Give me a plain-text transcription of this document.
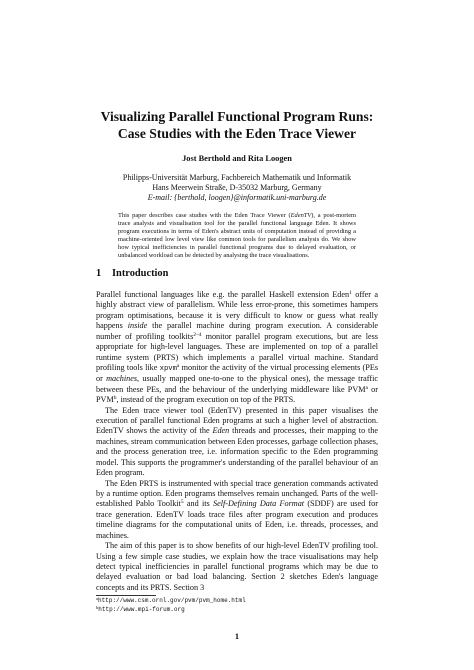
Visualizing Parallel Functional Program Runs:
Case Studies with the Eden Trace Viewer
Jost Berthold and Rita Loogen
Philipps-Universität Marburg, Fachbereich Mathematik und Informatik
Hans Meerwein Straße, D-35032 Marburg, Germany
E-mail: {berthold, loogen}@informatik.uni-marburg.de
This paper describes case studies with the Eden Trace Viewer (EdenTV), a post-mortem trace analysis and visualisation tool for the parallel functional language Eden. It shows program executions in terms of Eden's abstract units of computation instead of providing a machine-oriented low level view like common tools for parallelism analysis do. We show how typical inefficiencies in parallel functional programs due to delayed evaluation, or unbalanced workload can be detected by analysing the trace visualisations.
1 Introduction

Parallel functional languages like e.g. the parallel Haskell extension Eden$^1$ offer a highly abstract view of parallelism. While less error-prone, this sometimes hampers program optimisations, because it is very difficult to know or guess what really happens inside the parallel machine during program execution. A considerable number of profiling toolkits$^{2-4}$ monitor parallel program executions, but are less appropriate for high-level languages. These are implemented on top of a parallel runtime system (PRTS) which implements a parallel virtual machine. Standard profiling tools like xpvm$^a$ monitor the activity of the virtual processing elements (PEs or machines, usually mapped one-to-one to the physical ones), the message traffic between these PEs, and the behaviour of the underlying middleware like PVM$^a$ or PVM$^b$, instead of the program execution on top of the PRTS.

The Eden trace viewer tool (EdenTV) presented in this paper visualises the execution of parallel functional Eden programs at such a higher level of abstraction. EdenTV shows the activity of the Eden threads and processes, their mapping to the machines, stream communication between Eden processes, garbage collection phases, and the process generation tree, i.e. information specific to the Eden programming model. This supports the programmer's understanding of the parallel behaviour of an Eden program.

The Eden PRTS is instrumented with special trace generation commands activated by a runtime option. Eden programs themselves remain unchanged. Parts of the well-established Pablo Toolkit$^5$ and its Self-Defining Data Format (SDDF) are used for trace generation. EdenTV loads trace files after program execution and produces timeline diagrams for the computational units of Eden, i.e. threads, processes, and machines.

The aim of this paper is to show benefits of our high-level EdenTV profiling tool. Using a few simple case studies, we explain how the trace visualisations may help detect typical inefficiencies in parallel functional programs which may be due to delayed evaluation or bad load balancing. Section 2 sketches Eden's language concepts and its PRTS. Section 3

$^a$http://www.csm.ornl.gov/pvm/pvm_home.html
$^b$http://www.mpi-forum.org
1
